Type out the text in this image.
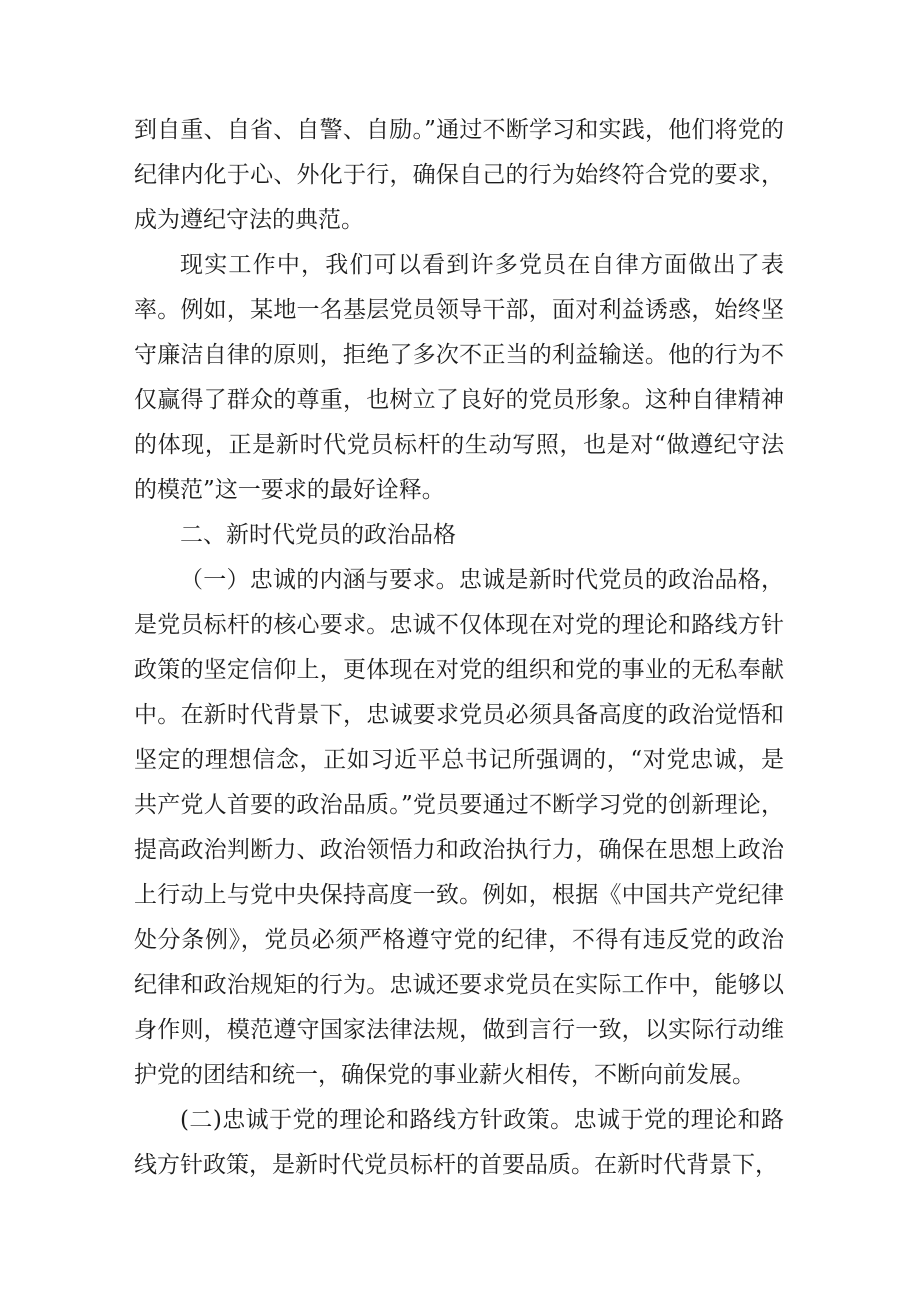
到自重、自省、自警、自励。”通过不断学习和实践，他们将党的纪律内化于心、外化于行，确保自己的行为始终符合党的要求，成为遵纪守法的典范。

现实工作中，我们可以看到许多党员在自律方面做出了表率。例如，某地一名基层党员领导干部，面对利益诱惑，始终坚守廉洁自律的原则，拒绝了多次不正当的利益输送。他的行为不仅赢得了群众的尊重，也树立了良好的党员形象。这种自律精神的体现，正是新时代党员标杆的生动写照，也是对“做遵纪守法的模范”这一要求的最好诠释。

二、新时代党员的政治品格

（一）忠诚的内涵与要求。忠诚是新时代党员的政治品格，是党员标杆的核心要求。忠诚不仅体现在对党的理论和路线方针政策的坚定信仰上，更体现在对党的组织和党的事业的无私奉献中。在新时代背景下，忠诚要求党员必须具备高度的政治觉悟和坚定的理想信念，正如习近平总书记所强调的，“对党忠诚，是共产党人首要的政治品质。”党员要通过不断学习党的创新理论，提高政治判断力、政治领悟力和政治执行力，确保在思想上政治上行动上与党中央保持高度一致。例如，根据《中国共产党纪律处分条例》，党员必须严格遵守党的纪律，不得有违反党的政治纪律和政治规矩的行为。忠诚还要求党员在实际工作中，能够以身作则，模范遵守国家法律法规，做到言行一致，以实际行动维护党的团结和统一，确保党的事业薪火相传，不断向前发展。

(二)忠诚于党的理论和路线方针政策。忠诚于党的理论和路线方针政策，是新时代党员标杆的首要品质。在新时代背景下，
